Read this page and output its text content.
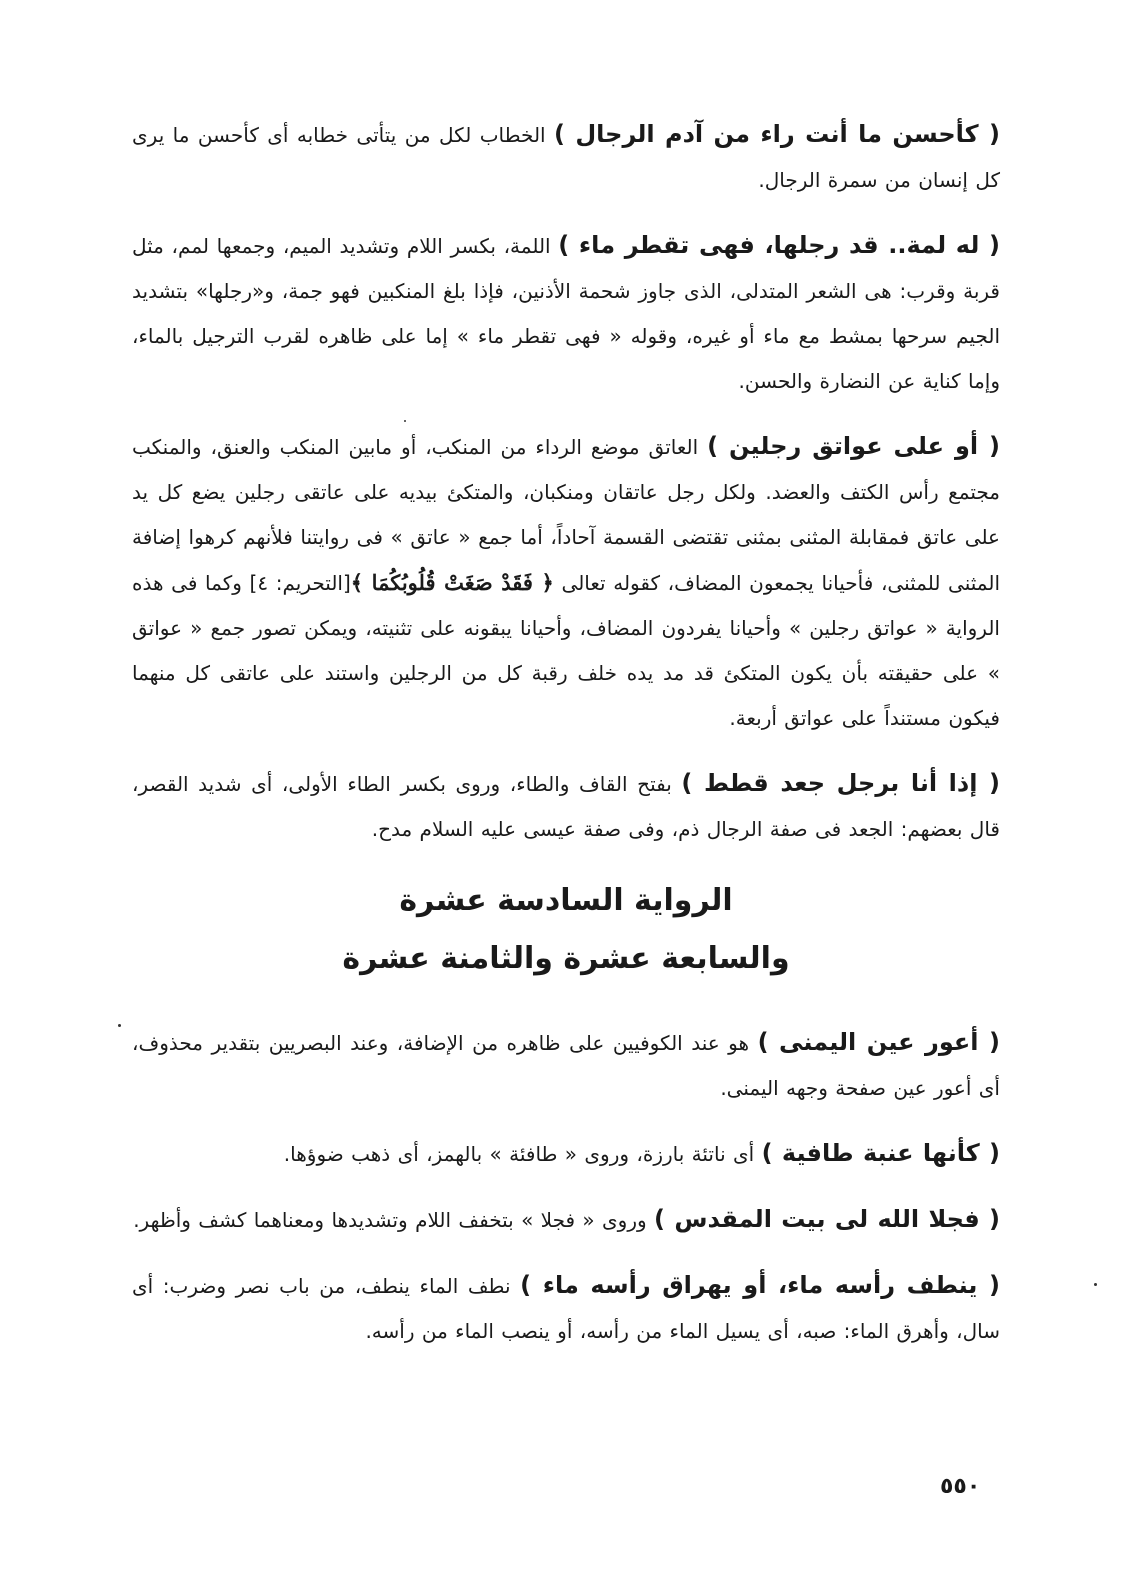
( كأحسن ما أنت راء من آدم الرجال ) الخطاب لكل من يتأتى خطابه أى كأحسن ما يرى كل إنسان من سمرة الرجال.

( له لمة.. قد رجلها، فهى تقطر ماء ) اللمة، بكسر اللام وتشديد الميم، وجمعها لمم، مثل قربة وقرب: هى الشعر المتدلى، الذى جاوز شحمة الأذنين، فإذا بلغ المنكبين فهو جمة، و«رجلها» بتشديد الجيم سرحها بمشط مع ماء أو غيره، وقوله « فهى تقطر ماء » إما على ظاهره لقرب الترجيل بالماء، وإما كناية عن النضارة والحسن.

( أو على عواتق رجلين ) العاتق موضع الرداء من المنكب، أو مابين المنكب والعنق، والمنكب مجتمع رأس الكتف والعضد. ولكل رجل عاتقان ومنكبان، والمتكئ بيديه على عاتقى رجلين يضع كل يد على عاتق فمقابلة المثنى بمثنى تقتضى القسمة آحاداً، أما جمع « عاتق » فى روايتنا فلأنهم كرهوا إضافة المثنى للمثنى، فأحيانا يجمعون المضاف، كقوله تعالى ﴿ فَقَدْ صَغَتْ قُلُوبُكُمَا ﴾[التحريم: ٤] وكما فى هذه الرواية « عواتق رجلين » وأحيانا يفردون المضاف، وأحيانا يبقونه على تثنيته، ويمكن تصور جمع « عواتق » على حقيقته بأن يكون المتكئ قد مد يده خلف رقبة كل من الرجلين واستند على عاتقى كل منهما فيكون مستنداً على عواتق أربعة.

( إذا أنا برجل جعد قطط ) بفتح القاف والطاء، وروى بكسر الطاء الأولى، أى شديد القصر، قال بعضهم: الجعد فى صفة الرجال ذم، وفى صفة عيسى عليه السلام مدح.

الرواية السادسة عشرة

والسابعة عشرة والثامنة عشرة

( أعور عين اليمنى ) هو عند الكوفيين على ظاهره من الإضافة، وعند البصريين بتقدير محذوف، أى أعور عين صفحة وجهه اليمنى.

( كأنها عنبة طافية ) أى ناتئة بارزة، وروى « طافئة » بالهمز، أى ذهب ضوؤها.

( فجلا الله لى بيت المقدس ) وروى « فجلا » بتخفف اللام وتشديدها ومعناهما كشف وأظهر.

( ينطف رأسه ماء، أو يهراق رأسه ماء ) نطف الماء ينطف، من باب نصر وضرب: أى سال، وأهرق الماء: صبه، أى يسيل الماء من رأسه، أو ينصب الماء من رأسه.

٥٥٠
